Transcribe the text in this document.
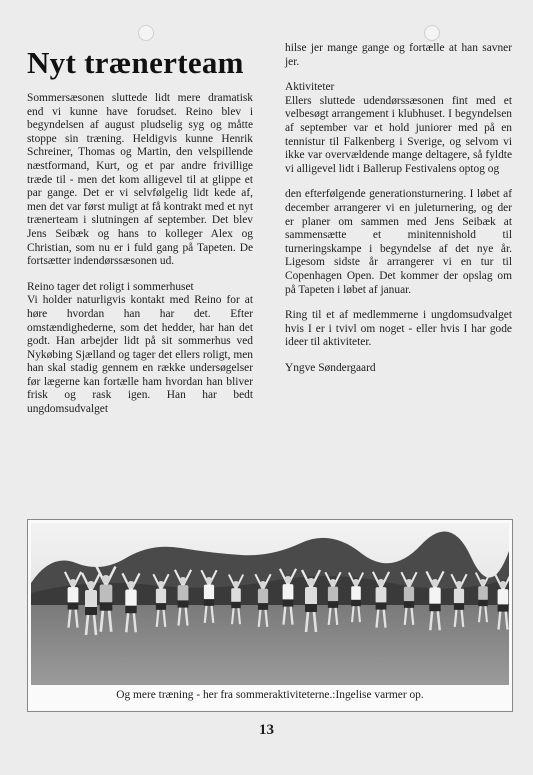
Nyt trænerteam

Sommersæsonen sluttede lidt mere dramatisk end vi kunne have forudset. Reino blev i begyndelsen af august pludselig syg og måtte stoppe sin træning. Heldigvis kunne Henrik Schreiner, Thomas og Martin, den velspillende næstformand, Kurt, og et par andre frivillige træde til - men det kom alligevel til at glippe et par gange. Det er vi selvfølgelig lidt kede af, men det var først muligt at få kontrakt med et nyt trænerteam i slutningen af september. Det blev Jens Seibæk og hans to kolleger Alex og Christian, som nu er i fuld gang på Tapeten. De fortsætter indendørssæsonen ud.

Reino tager det roligt i sommerhuset

Vi holder naturligvis kontakt med Reino for at høre hvordan han har det. Efter omstændighederne, som det hedder, har han det godt. Han arbejder lidt på sit sommerhus ved Nykøbing Sjælland og tager det ellers roligt, men han skal stadig gennem en række undersøgelser før lægerne kan fortælle ham hvordan han bliver frisk og rask igen. Han har bedt ungdomsudvalget

hilse jer mange gange og fortælle at han savner jer.

Aktiviteter

Ellers sluttede udendørssæsonen fint med et velbesøgt arrangement i klubhuset. I begyndelsen af september var et hold juniorer med på en tennistur til Falkenberg i Sverige, og selvom vi ikke var overvældende mange deltagere, så fyldte vi alligevel lidt i Ballerup Festivalens optog og

den efterfølgende generationsturnering. I løbet af december arrangerer vi en juleturnering, og der er planer om sammen med Jens Seibæk at sammensætte et minitennishold til turneringskampe i begyndelse af det nye år. Ligesom sidste år arrangerer vi en tur til Copenhagen Open. Det kommer der opslag om på Tapeten i løbet af januar.

Ring til et af medlemmerne i ungdomsudvalget hvis I er i tvivl om noget - eller hvis I har gode ideer til aktiviteter.

Yngve Søndergaard

Og mere træning - her fra sommeraktiviteterne.:Ingelise varmer op.
13
